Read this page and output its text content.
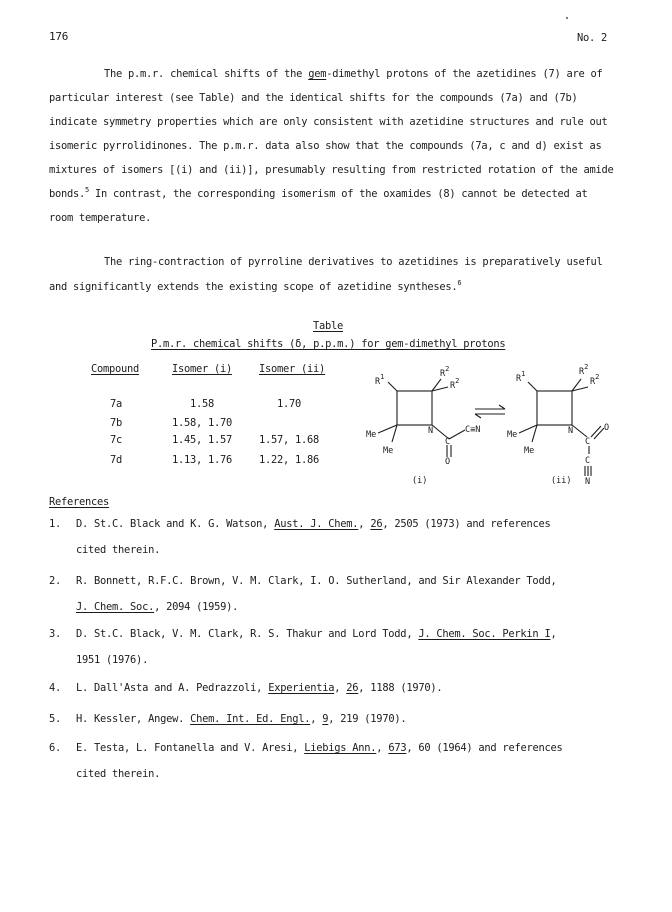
176	No. 2
The p.m.r. chemical shifts of the gem-dimethyl protons of the azetidines (7) are of
particular interest (see Table) and the identical shifts for the compounds (7a) and (7b)
indicate symmetry properties which are only consistent with azetidine structures and rule out
isomeric pyrrolidinones. The p.m.r. data also show that the compounds (7a, c and d) exist as
mixtures of isomers [(i) and (ii)], presumably resulting from restricted rotation of the amide
bonds.$^5$ In contrast, the corresponding isomerism of the oxamides (8) cannot be detected at
room temperature.
The ring-contraction of pyrroline derivatives to azetidines is preparatively useful
and significantly extends the existing scope of azetidine syntheses.$^6$
Table
P.m.r. chemical shifts (δ, p.p.m.) for gem-dimethyl protons
Compound	Isomer (i)	Isomer (ii)
7a	1.58	1.70
7b	1.58, 1.70
7c	1.45, 1.57	1.57, 1.68
7d	1.13, 1.76	1.22, 1.86
$R^1$	$R^2$
$R^2$
Me
Me
N
C
C≡N
O
(i)
$R^1$	$R^2$
$R^2$
Me
Me
N	O
C
C
N
(ii)
References
1. D. St.C. Black and K. G. Watson, Aust. J. Chem., 26, 2505 (1973) and references
cited therein.
2. R. Bonnett, R.F.C. Brown, V. M. Clark, I. O. Sutherland, and Sir Alexander Todd,
J. Chem. Soc., 2094 (1959).
3. D. St.C. Black, V. M. Clark, R. S. Thakur and Lord Todd, J. Chem. Soc. Perkin I,
1951 (1976).
4. L. Dall'Asta and A. Pedrazzoli, Experientia, 26, 1188 (1970).
5. H. Kessler, Angew. Chem. Int. Ed. Engl., 9, 219 (1970).
6. E. Testa, L. Fontanella and V. Aresi, Liebigs Ann., 673, 60 (1964) and references
cited therein.
